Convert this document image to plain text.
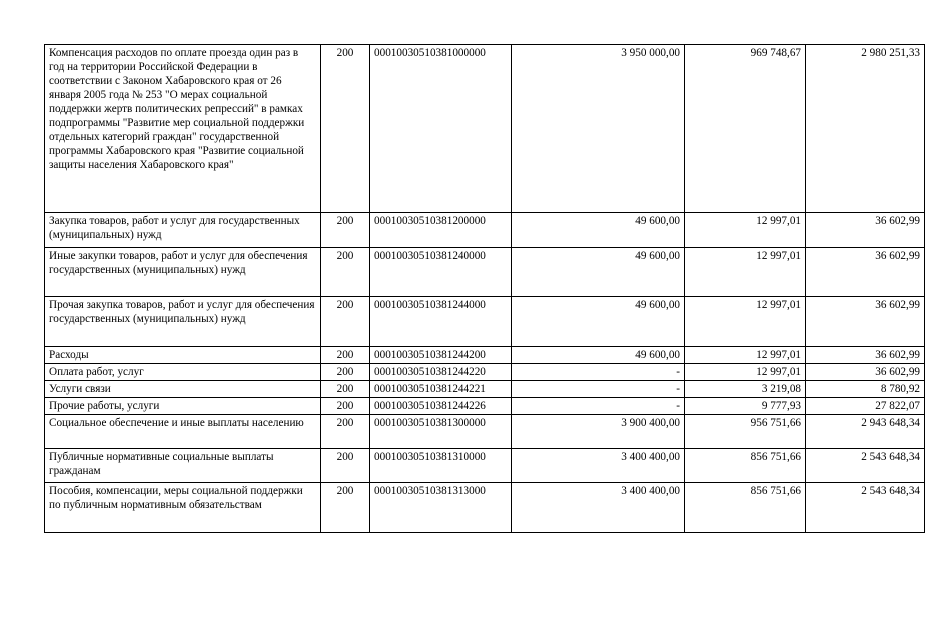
Компенсация расходов по оплате проезда один раз в год на территории Российской Федерации в соответствии с Законом Хабаровского края от 26 января 2005 года № 253 "О мерах социальной поддержки жертв политических репрессий" в рамках подпрограммы "Развитие мер социальной поддержки отдельных категорий граждан" государственной программы Хабаровского края "Развитие социальной защиты населения Хабаровского края"	200	00010030510381000000	3 950 000,00	969 748,67	2 980 251,33
Закупка товаров, работ и услуг для государственных (муниципальных) нужд	200	00010030510381200000	49 600,00	12 997,01	36 602,99
Иные закупки товаров, работ и услуг для обеспечения государственных (муниципальных) нужд	200	00010030510381240000	49 600,00	12 997,01	36 602,99
Прочая закупка товаров, работ и услуг для обеспечения государственных (муниципальных) нужд	200	00010030510381244000	49 600,00	12 997,01	36 602,99
Расходы	200	00010030510381244200	49 600,00	12 997,01	36 602,99
Оплата работ, услуг	200	00010030510381244220	-	12 997,01	36 602,99
Услуги связи	200	00010030510381244221	-	3 219,08	8 780,92
Прочие работы, услуги	200	00010030510381244226	-	9 777,93	27 822,07
Социальное обеспечение и иные выплаты населению	200	00010030510381300000	3 900 400,00	956 751,66	2 943 648,34
Публичные нормативные социальные выплаты гражданам	200	00010030510381310000	3 400 400,00	856 751,66	2 543 648,34
Пособия, компенсации, меры социальной поддержки по публичным нормативным обязательствам	200	00010030510381313000	3 400 400,00	856 751,66	2 543 648,34
